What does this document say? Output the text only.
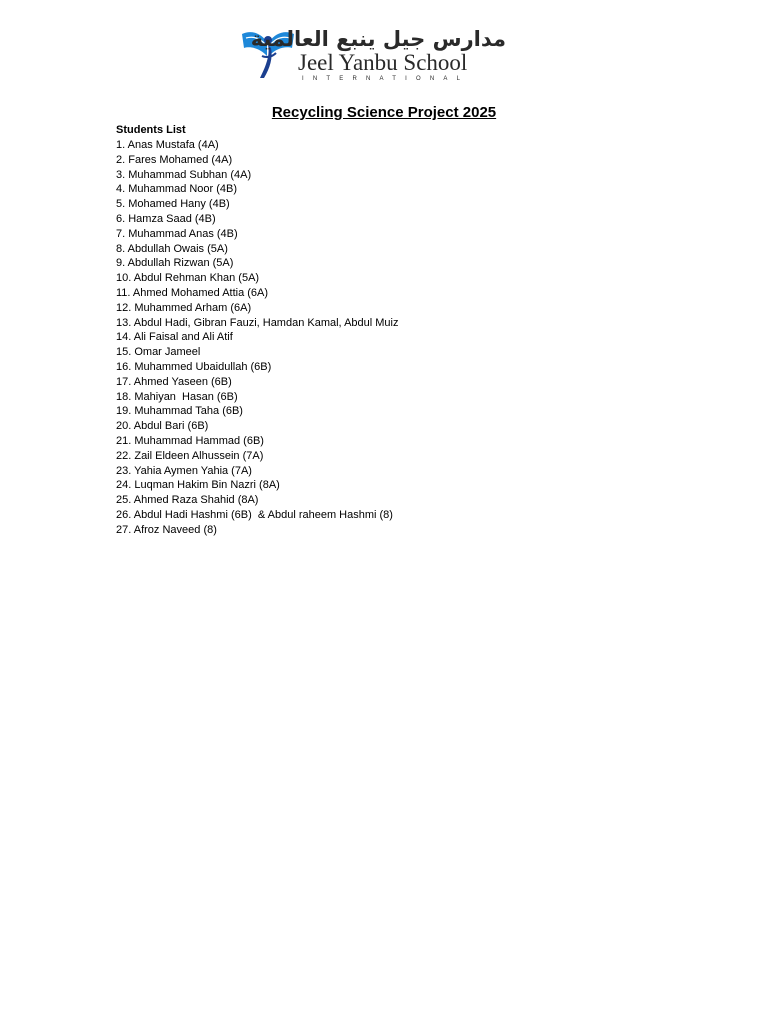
مدارس جيل ينبع العالمية
Jeel Yanbu School
INTERNATIONAL
Recycling Science Project 2025
Students List
1. Anas Mustafa (4A)
2. Fares Mohamed (4A)
3. Muhammad Subhan (4A)
4. Muhammad Noor (4B)
5. Mohamed Hany (4B)
6. Hamza Saad (4B)
7. Muhammad Anas (4B)
8. Abdullah Owais (5A)
9. Abdullah Rizwan (5A)
10. Abdul Rehman Khan (5A)
11. Ahmed Mohamed Attia (6A)
12. Muhammed Arham (6A)
13. Abdul Hadi, Gibran Fauzi, Hamdan Kamal, Abdul Muiz
14. Ali Faisal and Ali Atif
15. Omar Jameel
16. Muhammed Ubaidullah (6B)
17. Ahmed Yaseen (6B)
18. Mahiyan  Hasan (6B)
19. Muhammad Taha (6B)
20. Abdul Bari (6B)
21. Muhammad Hammad (6B)
22. Zail Eldeen Alhussein (7A)
23. Yahia Aymen Yahia (7A)
24. Luqman Hakim Bin Nazri (8A)
25. Ahmed Raza Shahid (8A)
26. Abdul Hadi Hashmi (6B)  & Abdul raheem Hashmi (8)
27. Afroz Naveed (8)
